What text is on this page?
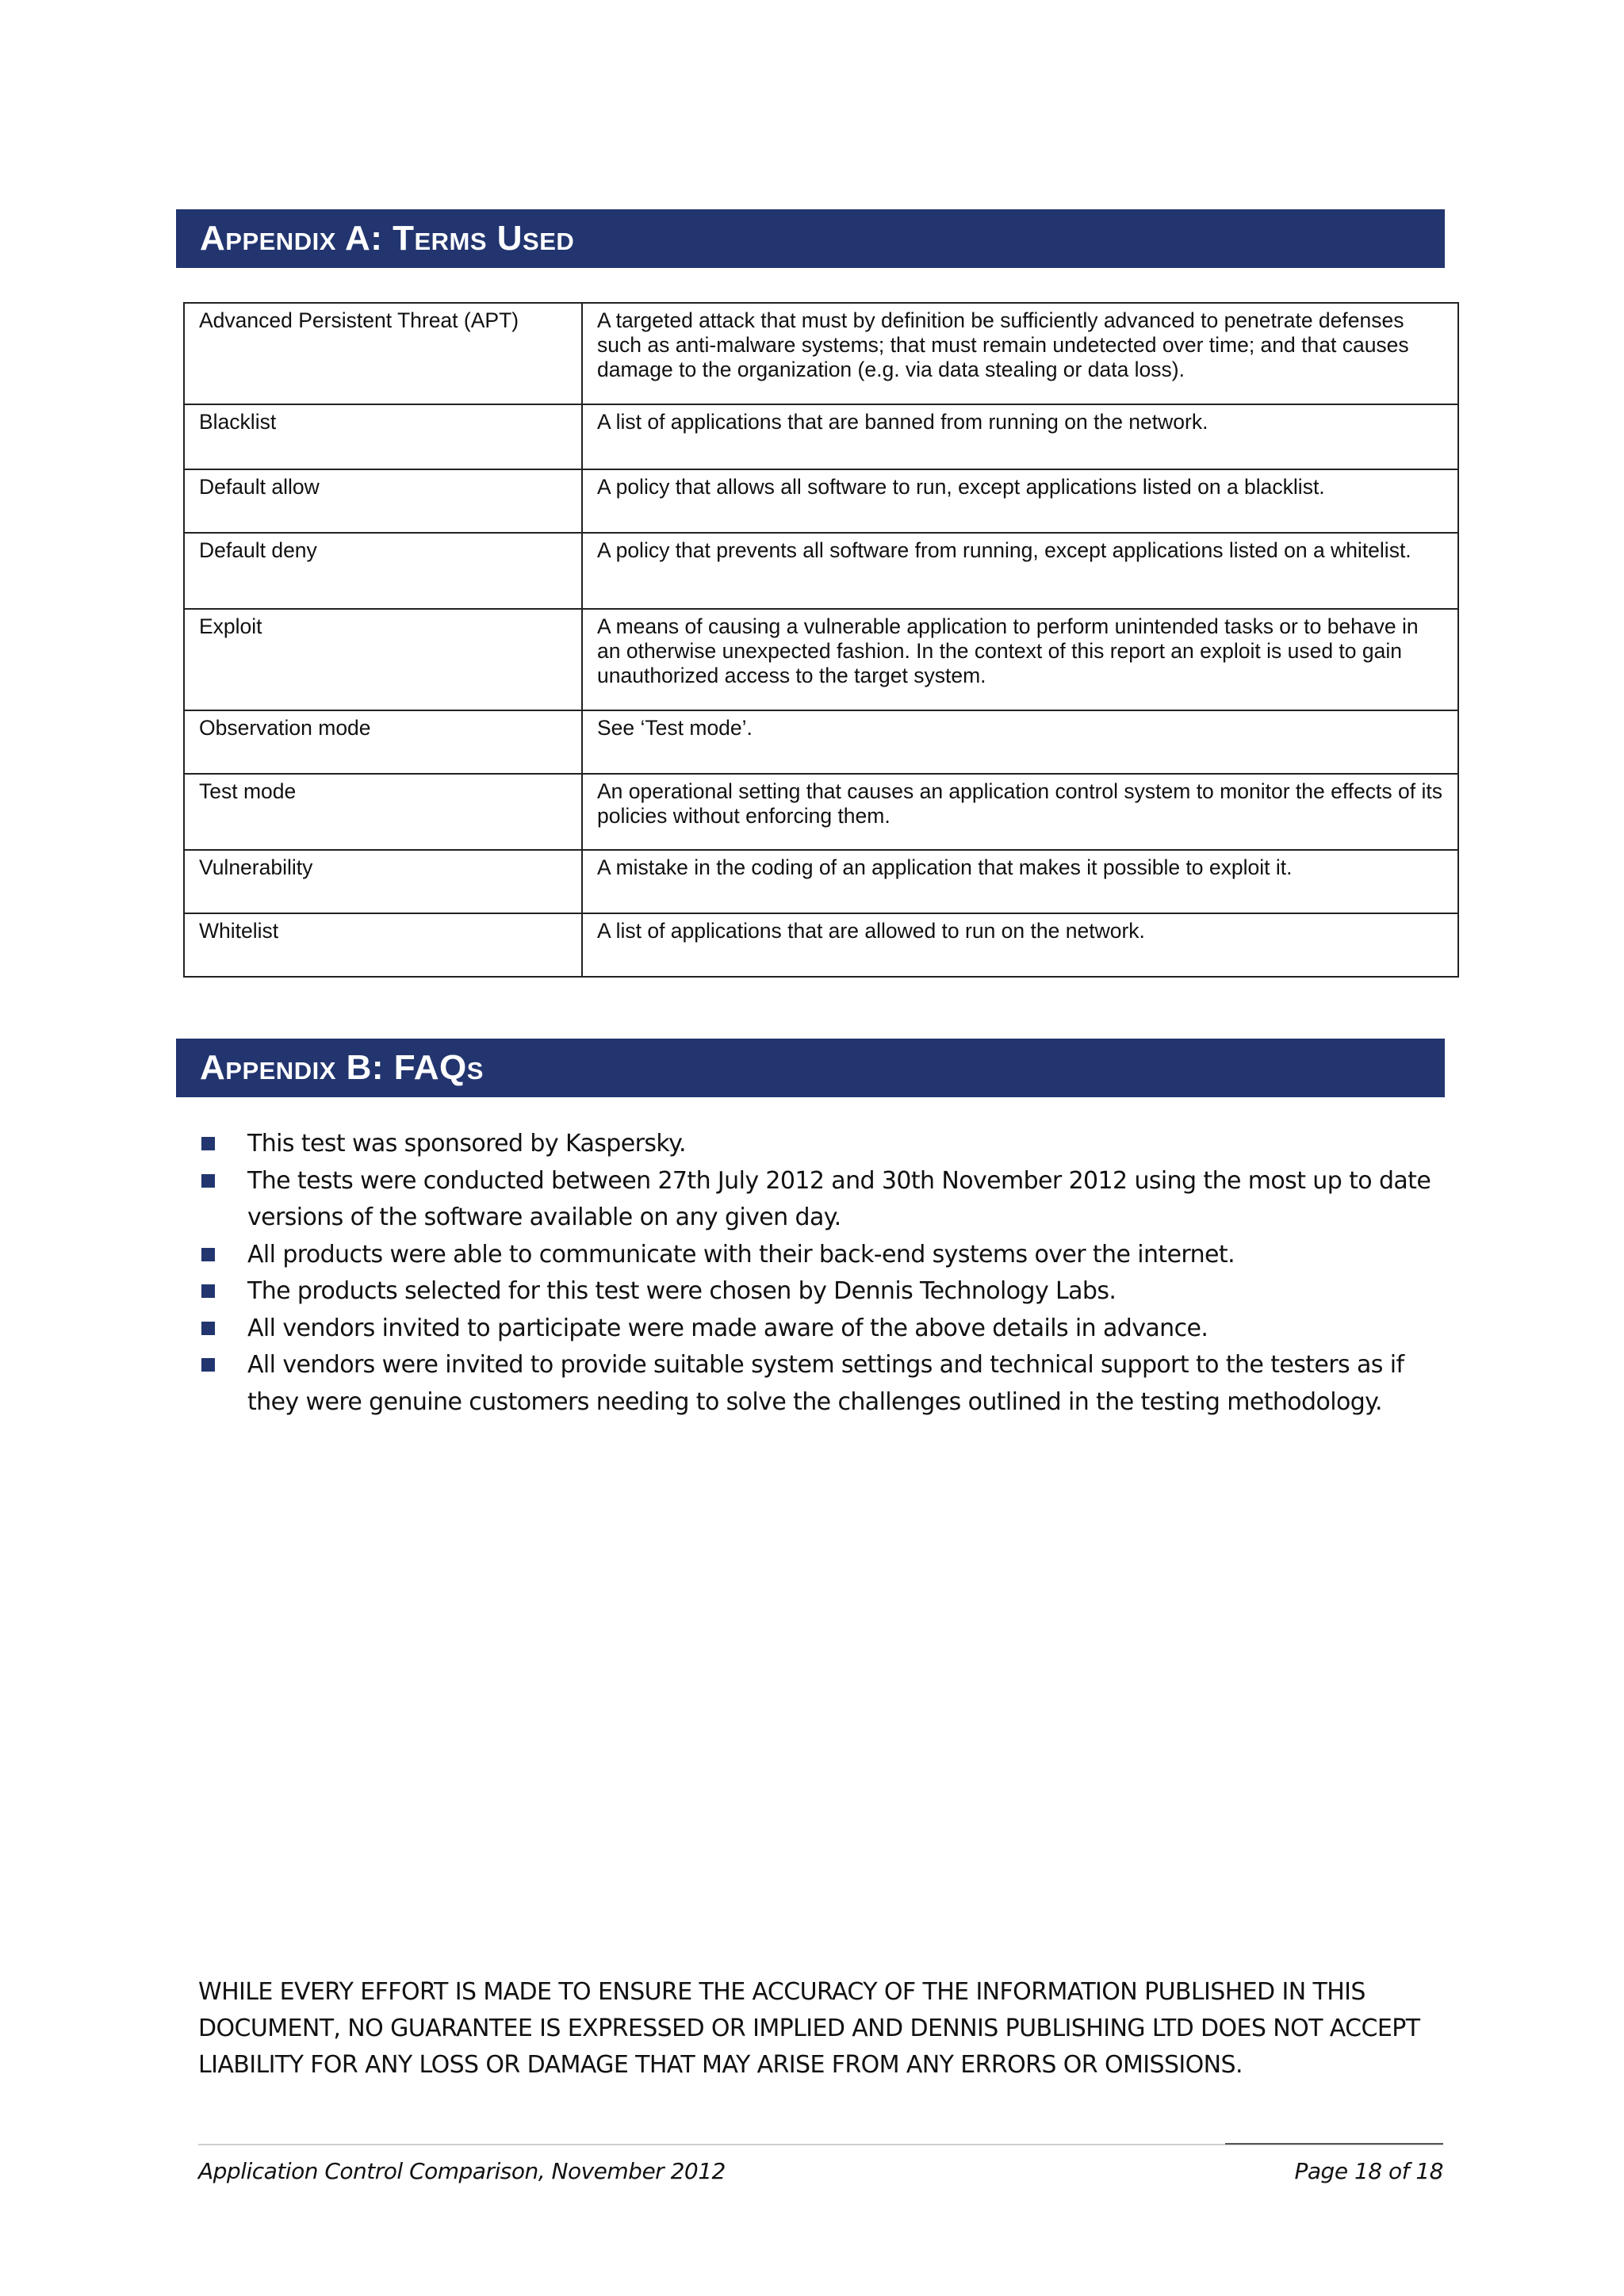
Appendix A: Terms Used
Advanced Persistent Threat (APT)	A targeted attack that must by definition be sufficiently advanced to penetrate defenses such as anti-malware systems; that must remain undetected over time; and that causes damage to the organization (e.g. via data stealing or data loss).
Blacklist	A list of applications that are banned from running on the network.
Default allow	A policy that allows all software to run, except applications listed on a blacklist.
Default deny	A policy that prevents all software from running, except applications listed on a whitelist.
Exploit	A means of causing a vulnerable application to perform unintended tasks or to behave in an otherwise unexpected fashion. In the context of this report an exploit is used to gain unauthorized access to the target system.
Observation mode	See ‘Test mode’.
Test mode	An operational setting that causes an application control system to monitor the effects of its policies without enforcing them.
Vulnerability	A mistake in the coding of an application that makes it possible to exploit it.
Whitelist	A list of applications that are allowed to run on the network.
Appendix B: FAQs
This test was sponsored by Kaspersky.
The tests were conducted between 27th July 2012 and 30th November 2012 using the most up to date versions of the software available on any given day.
All products were able to communicate with their back-end systems over the internet.
The products selected for this test were chosen by Dennis Technology Labs.
All vendors invited to participate were made aware of the above details in advance.
All vendors were invited to provide suitable system settings and technical support to the testers as if they were genuine customers needing to solve the challenges outlined in the testing methodology.
WHILE EVERY EFFORT IS MADE TO ENSURE THE ACCURACY OF THE INFORMATION PUBLISHED IN THIS DOCUMENT, NO GUARANTEE IS EXPRESSED OR IMPLIED AND DENNIS PUBLISHING LTD DOES NOT ACCEPT LIABILITY FOR ANY LOSS OR DAMAGE THAT MAY ARISE FROM ANY ERRORS OR OMISSIONS.
Application Control Comparison, November 2012	Page 18 of 18
